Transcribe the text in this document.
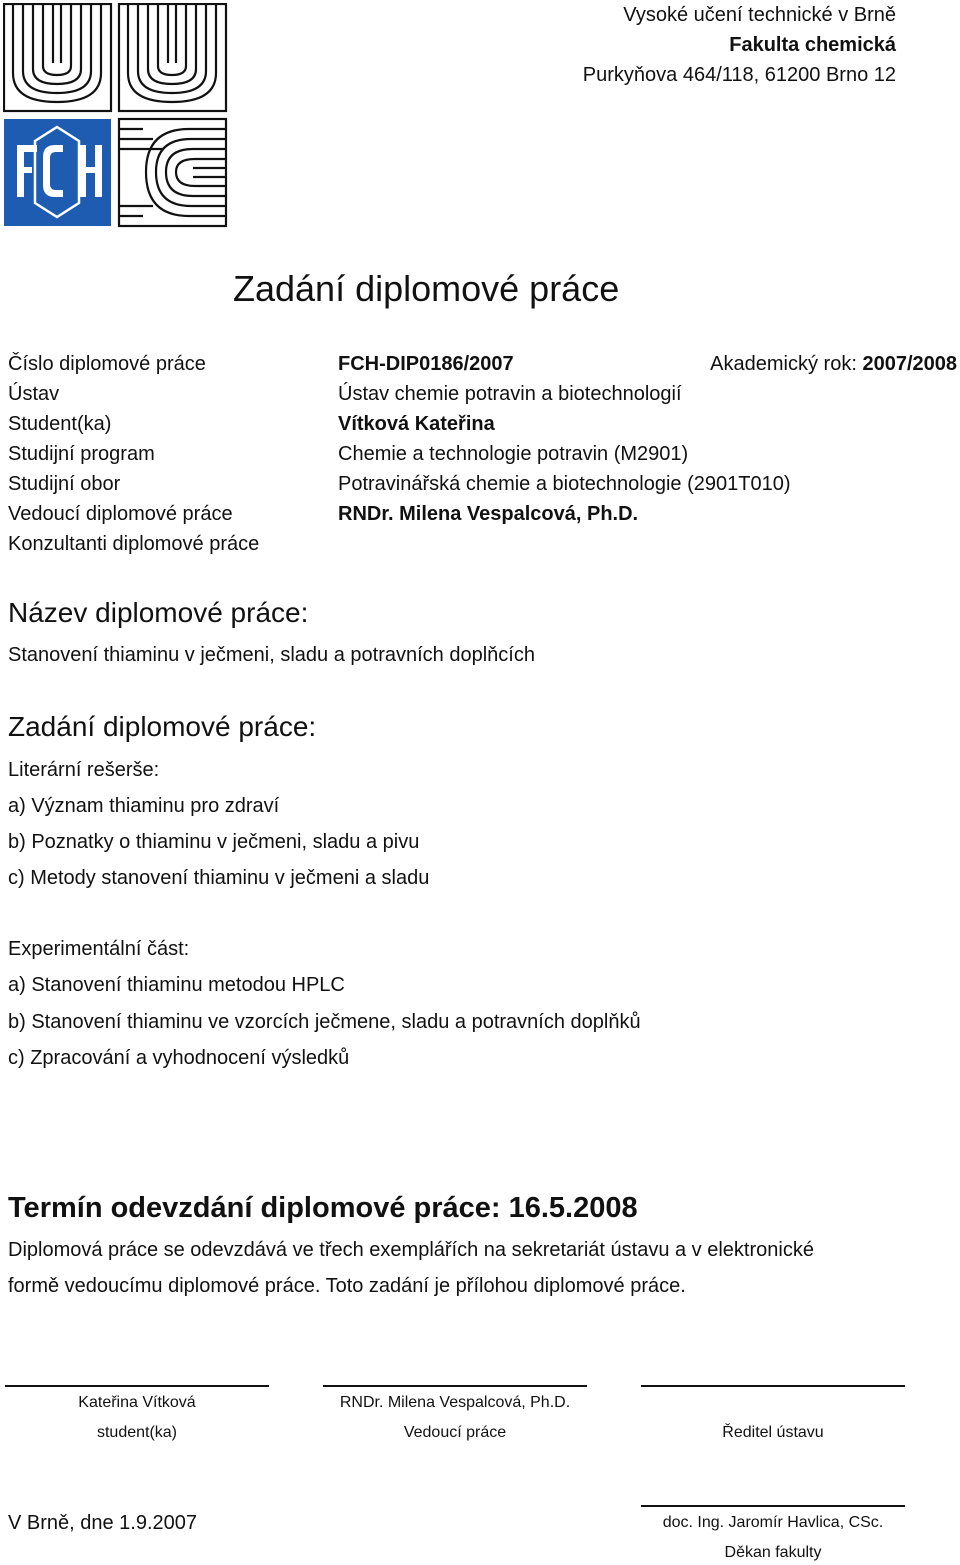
Vysoké učení technické v Brně
Fakulta chemická
Purkyňova 464/118, 61200 Brno 12
Zadání diplomové práce
Číslo diplomové práce	FCH-DIP0186/2007	Akademický rok: 2007/2008
Ústav	Ústav chemie potravin a biotechnologií
Student(ka)	Vítková Kateřina
Studijní program	Chemie a technologie potravin (M2901)
Studijní obor	Potravinářská chemie a biotechnologie (2901T010)
Vedoucí diplomové práce	RNDr. Milena Vespalcová, Ph.D.
Konzultanti diplomové práce
Název diplomové práce:
Stanovení thiaminu v ječmeni, sladu a potravních doplňcích
Zadání diplomové práce:
Literární rešerše:
a) Význam thiaminu pro zdraví
b) Poznatky o thiaminu v ječmeni, sladu a pivu
c) Metody stanovení thiaminu v ječmeni a sladu
Experimentální část:
a) Stanovení thiaminu metodou HPLC
b) Stanovení thiaminu ve vzorcích ječmene, sladu a potravních doplňků
c) Zpracování a vyhodnocení výsledků
Termín odevzdání diplomové práce: 16.5.2008
Diplomová práce se odevzdává ve třech exemplářích na sekretariát ústavu a v elektronické
formě vedoucímu diplomové práce. Toto zadání je přílohou diplomové práce.
Kateřina Vítková	RNDr. Milena Vespalcová, Ph.D.
student(ka)	Vedoucí práce	Ředitel ústavu
V Brně, dne 1.9.2007	doc. Ing. Jaromír Havlica, CSc.
Děkan fakulty
